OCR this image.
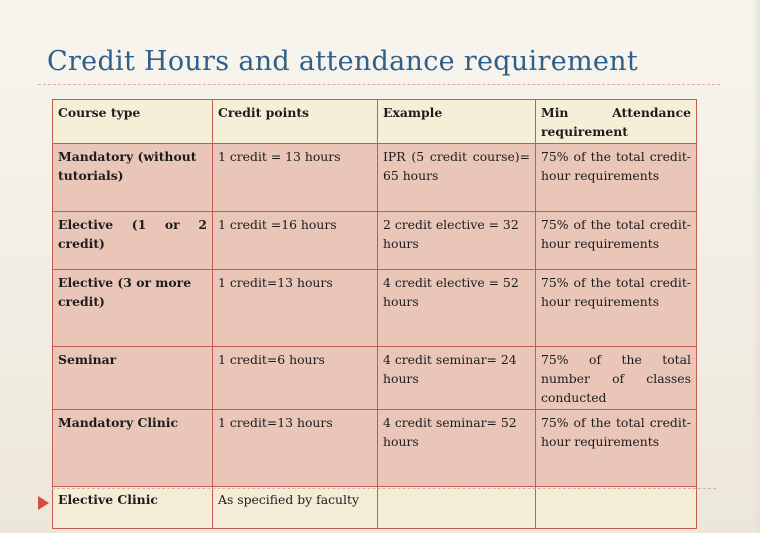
Credit Hours and attendance requirement
Course type	Credit points	Example	Min Attendance requirement
Mandatory (without tutorials)	1 credit = 13 hours	IPR (5 credit course)= 65 hours	75% of the total credit-hour requirements
Elective (1 or 2 credit)	1 credit =16 hours	2 credit elective = 32 hours	75% of the total credit-hour requirements
Elective (3 or more credit)	1 credit=13 hours	4 credit elective = 52 hours	75% of the total credit-hour requirements
Seminar	1 credit=6 hours	4 credit seminar= 24 hours	75% of the total number of classes conducted
Mandatory Clinic	1 credit=13 hours	4 credit seminar= 52 hours	75% of the total credit-hour requirements
Elective Clinic	As specified by faculty		
